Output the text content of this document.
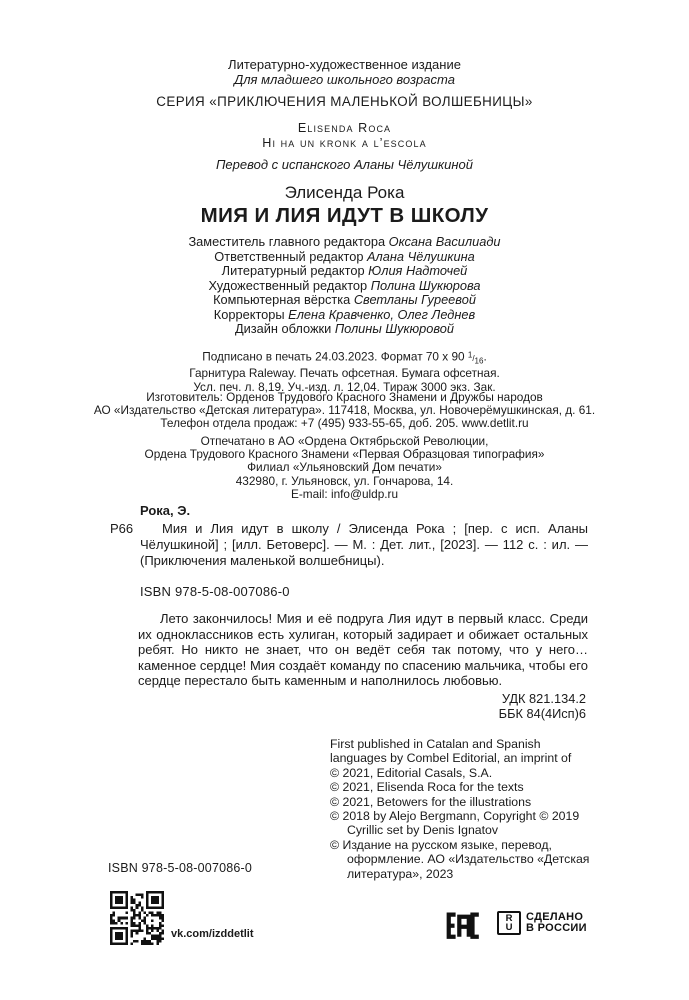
Литературно-художественное издание
Для младшего школьного возраста
СЕРИЯ «ПРИКЛЮЧЕНИЯ МАЛЕНЬКОЙ ВОЛШЕБНИЦЫ»
Elisenda Roca
Hi ha un kronk a l’escola
Перевод с испанского Аланы Чёлушкиной
Элисенда Рока
МИЯ И ЛИЯ ИДУТ В ШКОЛУ
Заместитель главного редактора Оксана Василиади
Ответственный редактор Алана Чёлушкина
Литературный редактор Юлия Надточей
Художественный редактор Полина Шукюрова
Компьютерная вёрстка Светланы Гуреевой
Корректоры Елена Кравченко, Олег Леднев
Дизайн обложки Полины Шукюровой
Подписано в печать 24.03.2023. Формат 70 х 90 $^1/_{16}$.
Гарнитура Raleway. Печать офсетная. Бумага офсетная.
Усл. печ. л. 8,19. Уч.-изд. л. 12,04. Тираж 3000 экз. Зак.
Изготовитель: Орденов Трудового Красного Знамени и Дружбы народов
АО «Издательство «Детская литература». 117418, Москва, ул. Новочерёмушкинская, д. 61.
Телефон отдела продаж: +7 (495) 933-55-65, доб. 205. www.detlit.ru
Отпечатано в АО «Ордена Октябрьской Революции,
Ордена Трудового Красного Знамени «Первая Образцовая типография»
Филиал «Ульяновский Дом печати»
432980, г. Ульяновск, ул. Гончарова, 14.
E-mail: info@uldp.ru
Рока, Э.
Р66	Мия и Лия идут в школу / Элисенда Рока ; [пер. с исп. Аланы Чёлушкиной] ; [илл. Бетоверс]. — М. : Дет. лит., [2023]. — 112 с. : ил. — (Приключения маленькой волшебницы).
ISBN 978-5-08-007086-0
Лето закончилось! Мия и её подруга Лия идут в первый класс. Среди их одноклассников есть хулиган, который задирает и обижает остальных ребят. Но никто не знает, что он ведёт себя так потому, что у него… каменное сердце! Мия создаёт команду по спасению мальчика, чтобы его сердце перестало быть каменным и наполнилось любовью.
УДК 821.134.2
ББК 84(4Исп)6
First published in Catalan and Spanish
languages by Combel Editorial, an imprint of
© 2021, Editorial Casals, S.A.
© 2021, Elisenda Roca for the texts
© 2021, Betowers for the illustrations
© 2018 by Alejo Bergmann, Copyright © 2019
Cyrillic set by Denis Ignatov
© Издание на русском языке, перевод,
оформление. АО «Издательство «Детская
литература», 2023
ISBN 978-5-08-007086-0
vk.com/izddetlit
R
U
СДЕЛАНО
В РОССИИ
